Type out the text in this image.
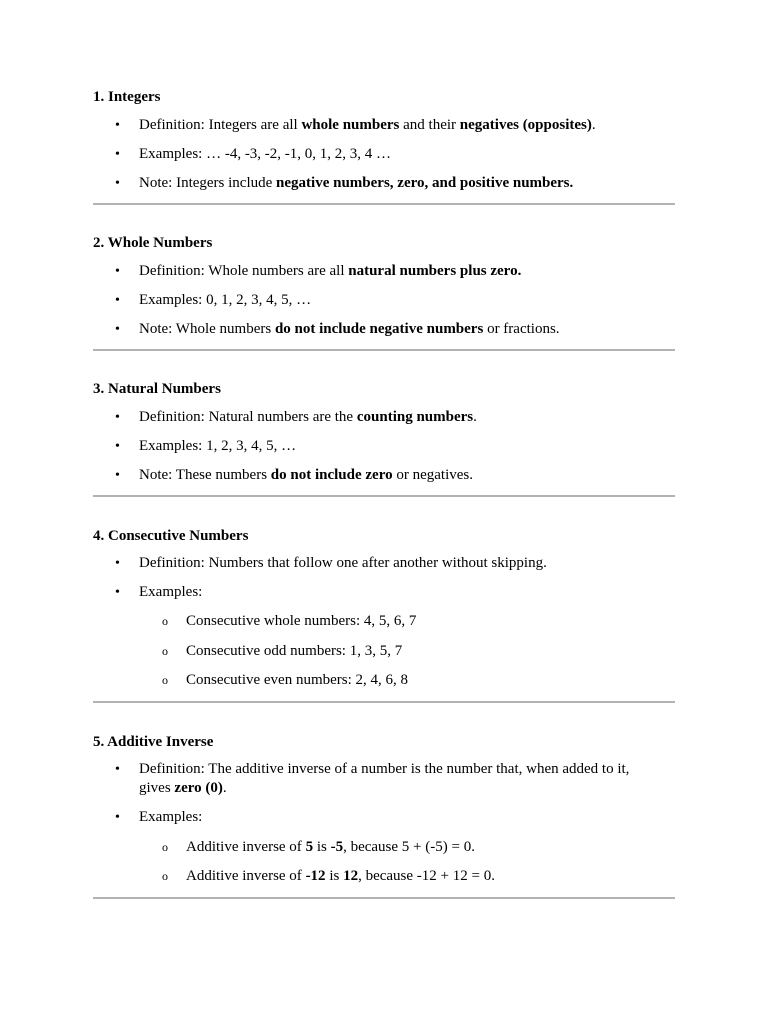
1. Integers
• Definition: Integers are all whole numbers and their negatives (opposites).
• Examples: … -4, -3, -2, -1, 0, 1, 2, 3, 4 …
• Note: Integers include negative numbers, zero, and positive numbers.
2. Whole Numbers
• Definition: Whole numbers are all natural numbers plus zero.
• Examples: 0, 1, 2, 3, 4, 5, …
• Note: Whole numbers do not include negative numbers or fractions.
3. Natural Numbers
• Definition: Natural numbers are the counting numbers.
• Examples: 1, 2, 3, 4, 5, …
• Note: These numbers do not include zero or negatives.
4. Consecutive Numbers
• Definition: Numbers that follow one after another without skipping.
• Examples:
o Consecutive whole numbers: 4, 5, 6, 7
o Consecutive odd numbers: 1, 3, 5, 7
o Consecutive even numbers: 2, 4, 6, 8
5. Additive Inverse
• Definition: The additive inverse of a number is the number that, when added to it, gives zero (0).
• Examples:
o Additive inverse of 5 is -5, because 5 + (-5) = 0.
o Additive inverse of -12 is 12, because -12 + 12 = 0.
